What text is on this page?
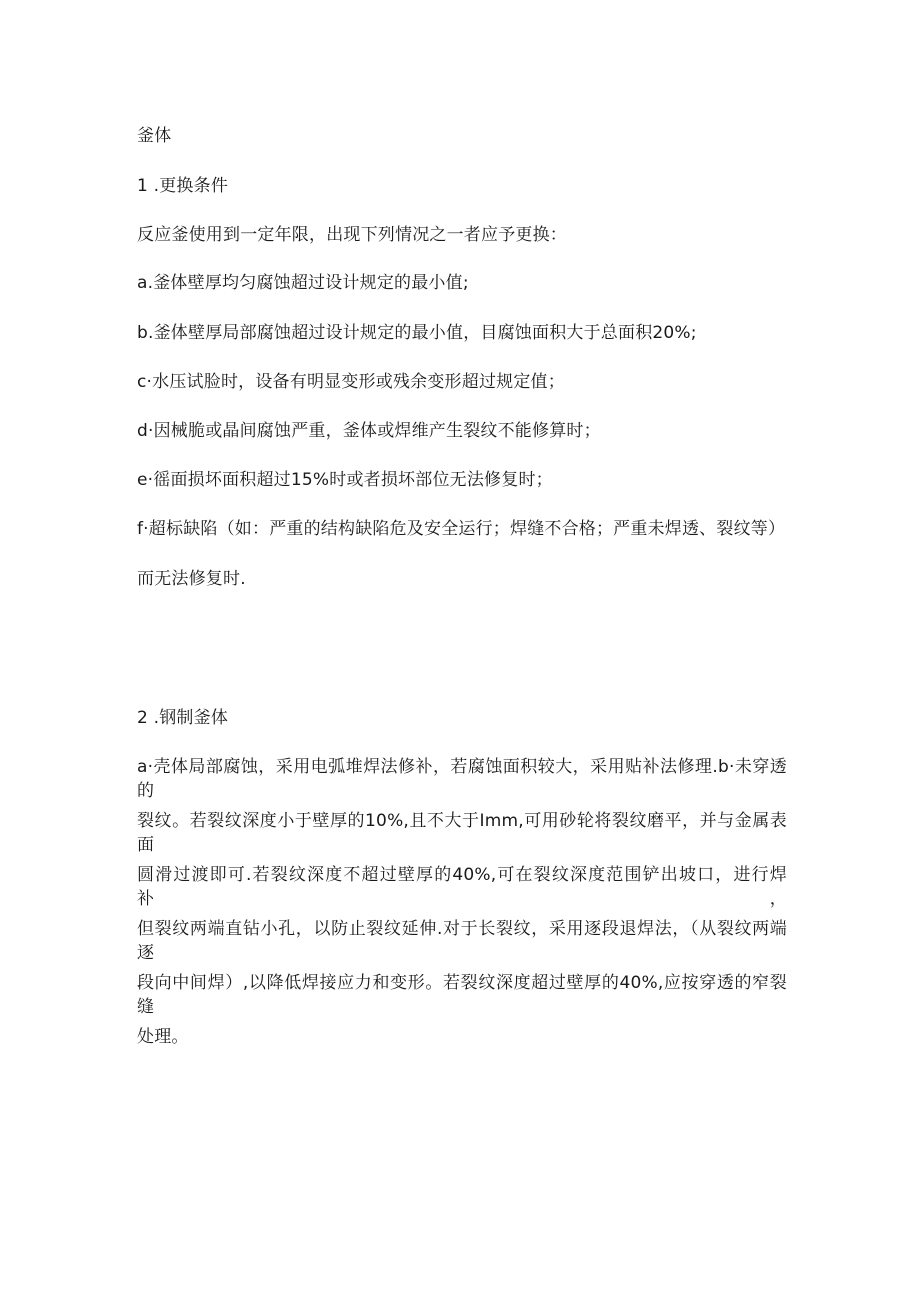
釜体
1 .更换条件
反应釜使用到一定年限，出现下列情况之一者应予更换：
a.釜体壁厚均匀腐蚀超过设计规定的最小值;
b.釜体壁厚局部腐蚀超过设计规定的最小值，目腐蚀面积大于总面积20%;
c·水压试脸时，设备有明显变形或残余变形超过规定值；
d·因械脆或晶间腐蚀严重，釜体或焊维产生裂纹不能修算时；
e·徭面损坏面积超过15%时或者损坏部位无法修复时；
f·超标缺陷（如：严重的结构缺陷危及安全运行；焊缝不合格；严重未焊透、裂纹等）
而无法修复时.
2 .钢制釜体
a·壳体局部腐蚀，采用电弧堆焊法修补，若腐蚀面积较大，采用贴补法修理.b·未穿透的
裂纹。若裂纹深度小于壁厚的10%,且不大于Imm,可用砂轮将裂纹磨平，并与金属表面
圆滑过渡即可.若裂纹深度不超过壁厚的40%,可在裂纹深度范围铲出坡口，进行焊补，
但裂纹两端直钻小孔，以防止裂纹延伸.对于长裂纹，采用逐段退焊法，（从裂纹两端逐
段向中间焊）,以降低焊接应力和变形。若裂纹深度超过壁厚的40%,应按穿透的窄裂缝
处理。
